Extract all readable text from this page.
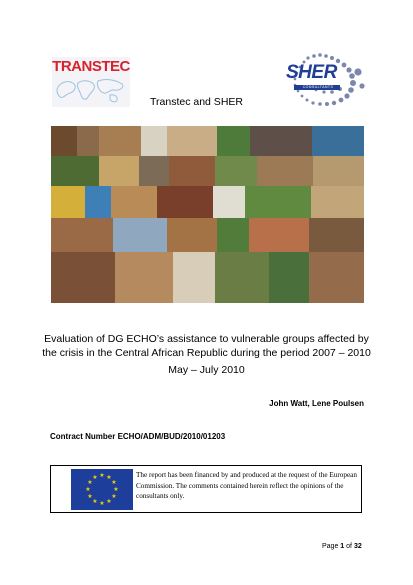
TRANSTEC	SHER
CONSULTANTS
Transtec and SHER
Evaluation of DG ECHO’s assistance to vulnerable groups affected by the crisis in the Central African Republic during the period 2007 – 2010
May – July 2010
John Watt, Lene Poulsen
Contract Number ECHO/ADM/BUD/2010/01203
★ ★
★
★
★
★
★
★
★
★
★
★	The report has been financed by and produced at the request of the European Commission. The comments contained herein reflect the opinions of the consultants only.
Page 1 of 32
